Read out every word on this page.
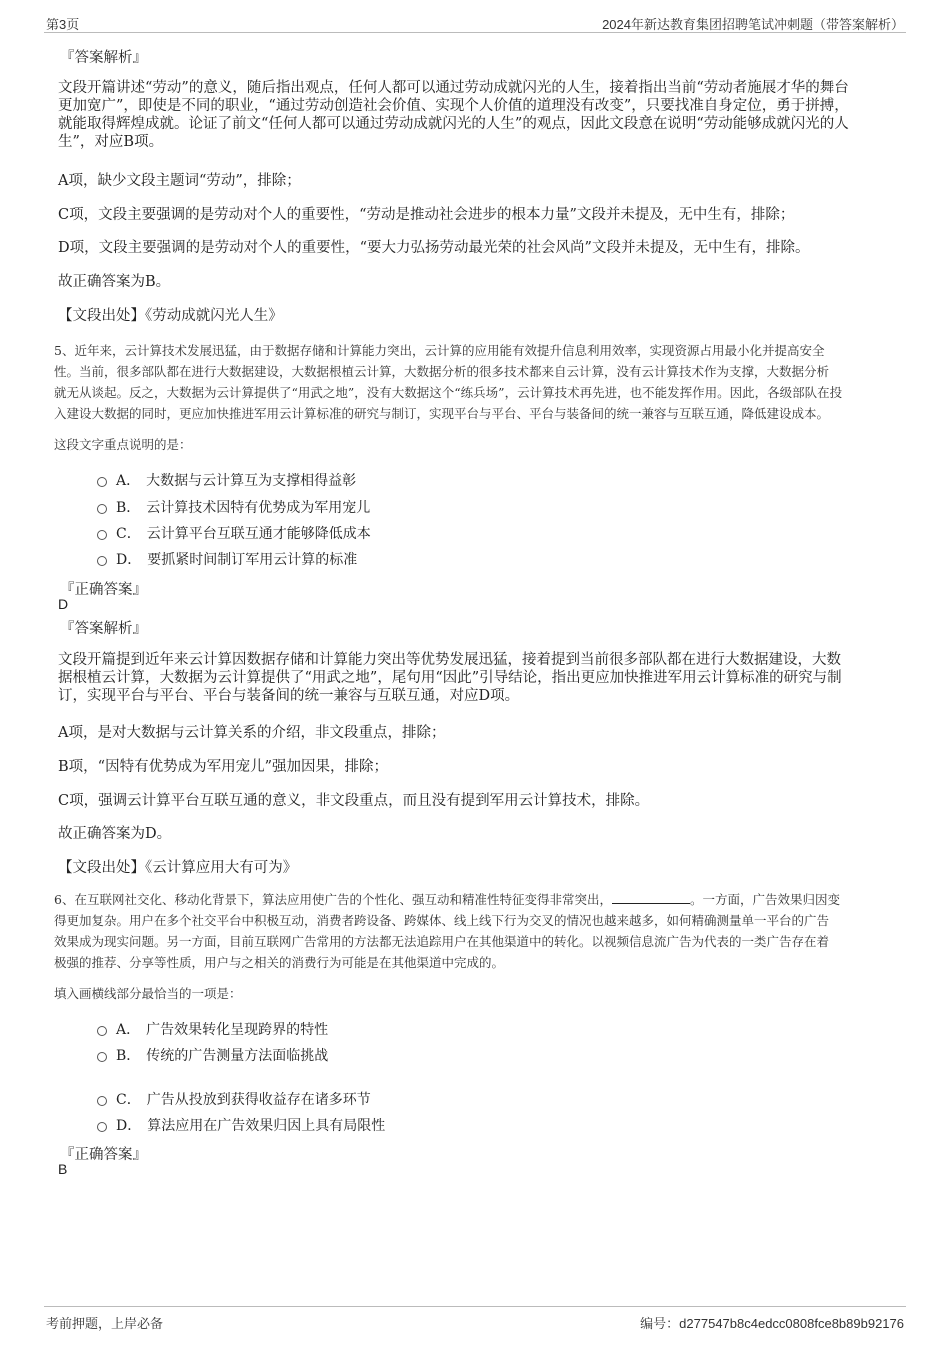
第3页	2024年新达教育集团招聘笔试冲刺题（带答案解析）
『答案解析』
文段开篇讲述“劳动”的意义，随后指出观点，任何人都可以通过劳动成就闪光的人生，接着指出当前“劳动者施展才华的舞台
更加宽广”，即使是不同的职业，“通过劳动创造社会价值、实现个人价值的道理没有改变”，只要找准自身定位，勇于拼搏，
就能取得辉煌成就。论证了前文“任何人都可以通过劳动成就闪光的人生”的观点，因此文段意在说明“劳动能够成就闪光的人
生”，对应B项。
A项，缺少文段主题词“劳动”，排除；
C项，文段主要强调的是劳动对个人的重要性，“劳动是推动社会进步的根本力量”文段并未提及，无中生有，排除；
D项，文段主要强调的是劳动对个人的重要性，“要大力弘扬劳动最光荣的社会风尚”文段并未提及，无中生有，排除。
故正确答案为B。
【文段出处】《劳动成就闪光人生》
5、近年来，云计算技术发展迅猛，由于数据存储和计算能力突出，云计算的应用能有效提升信息利用效率，实现资源占用最小化并提高安全
性。当前，很多部队都在进行大数据建设，大数据根植云计算，大数据分析的很多技术都来自云计算，没有云计算技术作为支撑，大数据分析
就无从谈起。反之，大数据为云计算提供了“用武之地”，没有大数据这个“练兵场”，云计算技术再先进，也不能发挥作用。因此，各级部队在投
入建设大数据的同时，更应加快推进军用云计算标准的研究与制订，实现平台与平台、平台与装备间的统一兼容与互联互通，降低建设成本。
这段文字重点说明的是：
A． 大数据与云计算互为支撑相得益彰
B． 云计算技术因特有优势成为军用宠儿
C． 云计算平台互联互通才能够降低成本
D． 要抓紧时间制订军用云计算的标准
『正确答案』
D
『答案解析』
文段开篇提到近年来云计算因数据存储和计算能力突出等优势发展迅猛，接着提到当前很多部队都在进行大数据建设，大数
据根植云计算，大数据为云计算提供了“用武之地”，尾句用“因此”引导结论，指出更应加快推进军用云计算标准的研究与制
订，实现平台与平台、平台与装备间的统一兼容与互联互通，对应D项。
A项，是对大数据与云计算关系的介绍，非文段重点，排除；
B项，“因特有优势成为军用宠儿”强加因果，排除；
C项，强调云计算平台互联互通的意义，非文段重点，而且没有提到军用云计算技术，排除。
故正确答案为D。
【文段出处】《云计算应用大有可为》
6、在互联网社交化、移动化背景下，算法应用使广告的个性化、强互动和精准性特征变得非常突出，	。一方面，广告效果归因变
得更加复杂。用户在多个社交平台中积极互动，消费者跨设备、跨媒体、线上线下行为交叉的情况也越来越多，如何精确测量单一平台的广告
效果成为现实问题。另一方面，目前互联网广告常用的方法都无法追踪用户在其他渠道中的转化。以视频信息流广告为代表的一类广告存在着
极强的推荐、分享等性质，用户与之相关的消费行为可能是在其他渠道中完成的。
填入画横线部分最恰当的一项是：
A． 广告效果转化呈现跨界的特性
B． 传统的广告测量方法面临挑战
C． 广告从投放到获得收益存在诸多环节
D． 算法应用在广告效果归因上具有局限性
『正确答案』
B
考前押题，上岸必备	编号：d277547b8c4edcc0808fce8b89b92176
